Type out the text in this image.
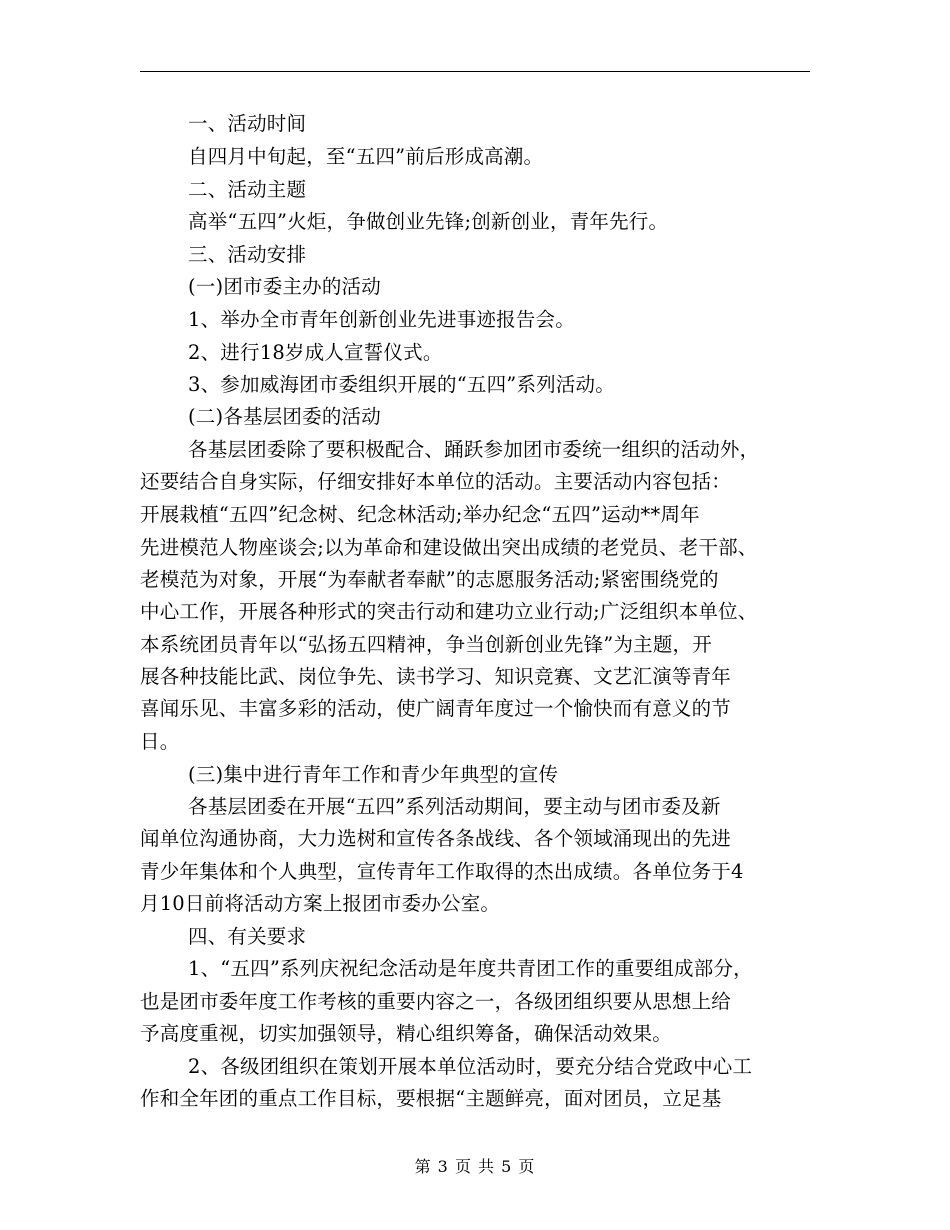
一、活动时间
自四月中旬起，至“五四”前后形成高潮。
二、活动主题
高举“五四”火炬，争做创业先锋;创新创业，青年先行。
三、活动安排
(一)团市委主办的活动
1、举办全市青年创新创业先进事迹报告会。
2、进行18岁成人宣誓仪式。
3、参加威海团市委组织开展的“五四”系列活动。
(二)各基层团委的活动
各基层团委除了要积极配合、踊跃参加团市委统一组织的活动外，
还要结合自身实际，仔细安排好本单位的活动。主要活动内容包括：
开展栽植“五四”纪念树、纪念林活动;举办纪念“五四”运动**周年
先进模范人物座谈会;以为革命和建设做出突出成绩的老党员、老干部、
老模范为对象，开展“为奉献者奉献”的志愿服务活动;紧密围绕党的
中心工作，开展各种形式的突击行动和建功立业行动;广泛组织本单位、
本系统团员青年以“弘扬五四精神，争当创新创业先锋”为主题，开
展各种技能比武、岗位争先、读书学习、知识竞赛、文艺汇演等青年
喜闻乐见、丰富多彩的活动，使广阔青年度过一个愉快而有意义的节
日。
(三)集中进行青年工作和青少年典型的宣传
各基层团委在开展“五四”系列活动期间，要主动与团市委及新
闻单位沟通协商，大力选树和宣传各条战线、各个领域涌现出的先进
青少年集体和个人典型，宣传青年工作取得的杰出成绩。各单位务于4
月10日前将活动方案上报团市委办公室。
四、有关要求
1、“五四”系列庆祝纪念活动是年度共青团工作的重要组成部分，
也是团市委年度工作考核的重要内容之一，各级团组织要从思想上给
予高度重视，切实加强领导，精心组织筹备，确保活动效果。
2、各级团组织在策划开展本单位活动时，要充分结合党政中心工
作和全年团的重点工作目标，要根据“主题鲜亮，面对团员，立足基
第 3 页 共 5 页
